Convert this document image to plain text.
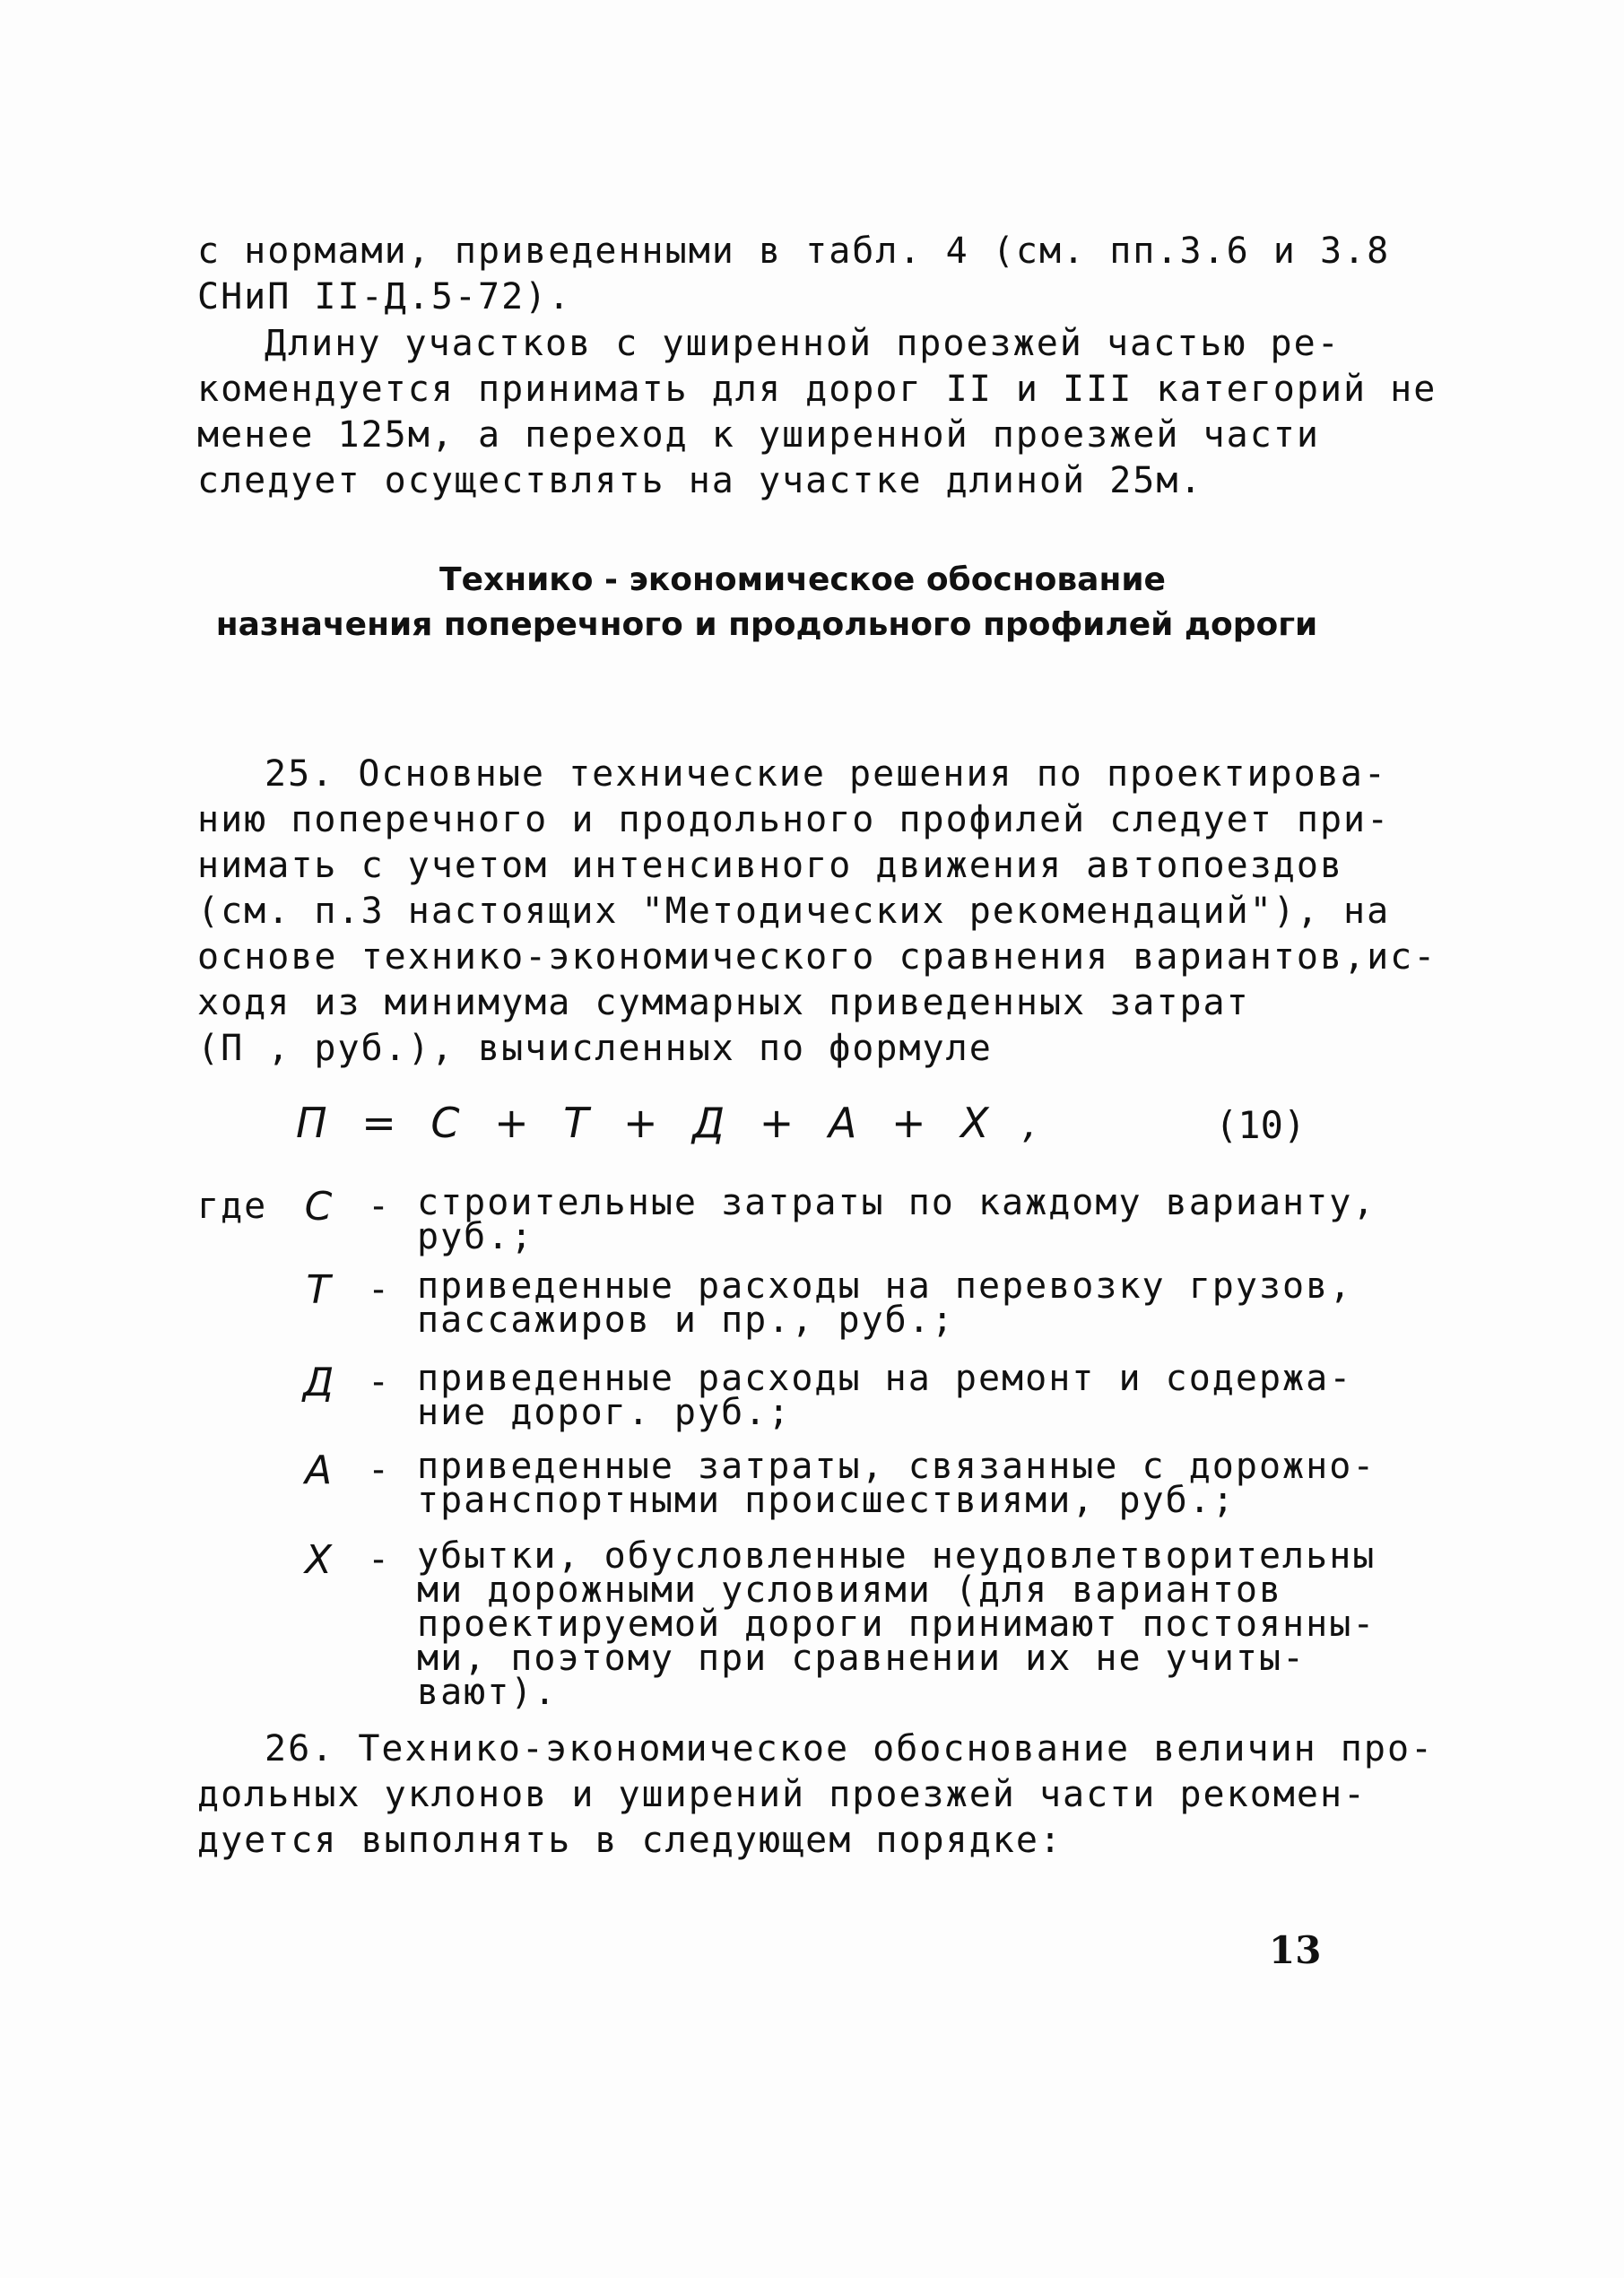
с нормами, приведенными в табл. 4 (см. пп.3.6 и 3.8
СНиП II-Д.5-72).

Длину участков с уширенной проезжей частью ре-
комендуется принимать для дорог II и III категорий не
менее 125м, а переход к уширенной проезжей части
следует осуществлять на участке длиной 25м.

Технико - экономическое обоснование
назначения поперечного и продольного профилей дороги

25. Основные технические решения по проектирова-
нию поперечного и продольного профилей следует при-
нимать с учетом интенсивного движения автопоездов
(см. п.3 настоящих "Методических рекомендаций"), на
основе технико-экономического сравнения вариантов,ис-
ходя из минимума суммарных приведенных затрат
(П , руб.), вычисленных по формуле

П = С + Т + Д + А + Х ,	(10)
где С - строительные затраты по каждому варианту,
руб.;

Т - приведенные расходы на перевозку грузов,
пассажиров и пр., руб.;

Д - приведенные расходы на ремонт и содержа-
ние дорог. руб.;

А - приведенные затраты, связанные с дорожно-
транспортными происшествиями, руб.;

Х - убытки, обусловленные неудовлетворительны
ми дорожными условиями (для вариантов
проектируемой дороги принимают постоянны-
ми, поэтому при сравнении их не учиты-
вают).

26. Технико-экономическое обоснование величин про-
дольных уклонов и уширений проезжей части рекомен-
дуется выполнять в следующем порядке:

13
